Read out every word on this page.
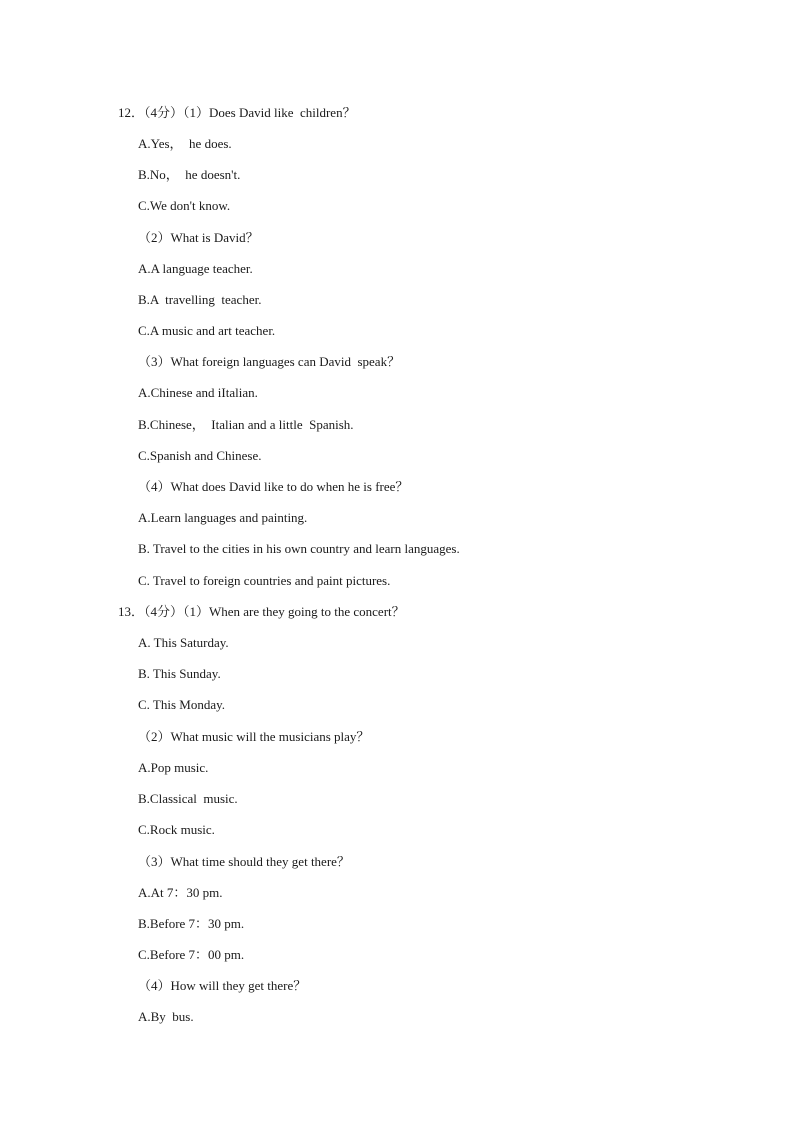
12．（4分）（1）Does David like  children？
A.Yes，  he does.
B.No，  he doesn't.
C.We don't know.
（2）What is David？
A.A language teacher.
B.A  travelling  teacher.
C.A music and art teacher.
（3）What foreign languages can David  speak？
A.Chinese and iItalian.
B.Chinese，  Italian and a little  Spanish.
C.Spanish and Chinese.
（4）What does David like to do when he is free？
A.Learn languages and painting.
B. Travel to the cities in his own country and learn languages.
C. Travel to foreign countries and paint pictures.
13．（4分）（1）When are they going to the concert？
A. This Saturday.
B. This Sunday.
C. This Monday.
（2）What music will the musicians play？
A.Pop music.
B.Classical  music.
C.Rock music.
（3）What time should they get there？
A.At 7：30 pm.
B.Before 7：30 pm.
C.Before 7：00 pm.
（4）How will they get there？
A.By  bus.
